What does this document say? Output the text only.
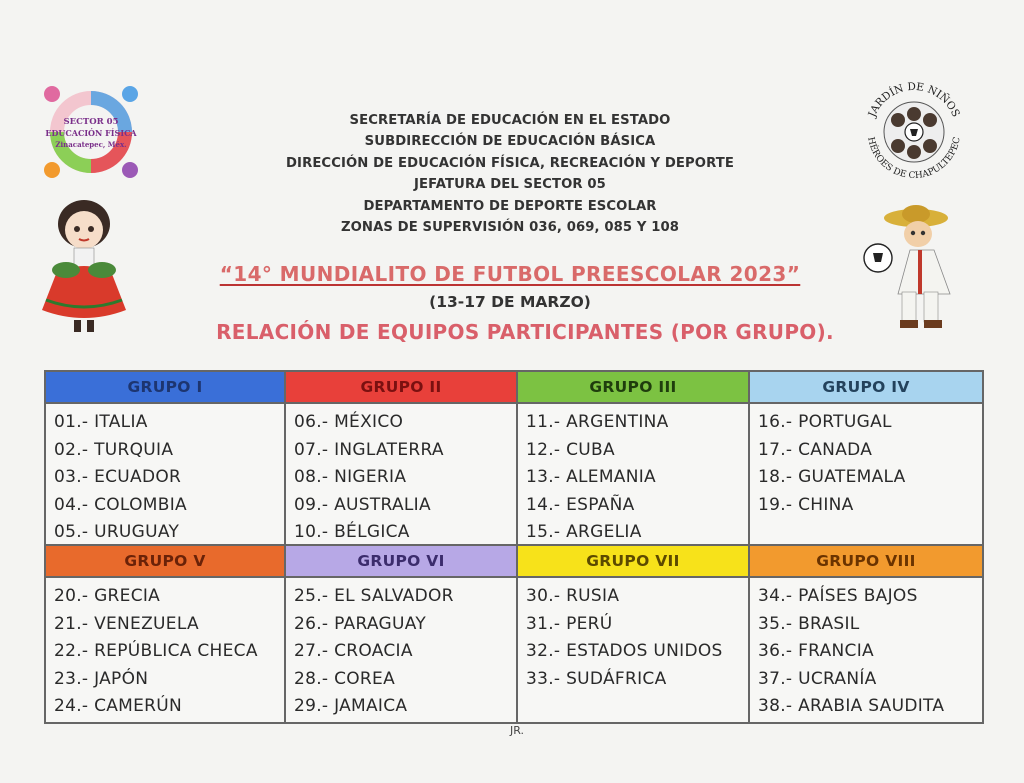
SECTOR 05
EDUCACIÓN FÍSICA
Zinacatepec, Méx.
JARDÍN DE NIÑOS
HÉROES DE CHAPULTEPEC
SECRETARÍA DE EDUCACIÓN EN EL ESTADO
SUBDIRECCIÓN DE EDUCACIÓN BÁSICA
DIRECCIÓN DE EDUCACIÓN FÍSICA, RECREACIÓN Y DEPORTE
JEFATURA DEL SECTOR 05
DEPARTAMENTO DE DEPORTE ESCOLAR
ZONAS DE SUPERVISIÓN 036, 069, 085 Y 108
“14° MUNDIALITO DE FUTBOL PREESCOLAR 2023”
(13-17 DE MARZO)
RELACIÓN DE EQUIPOS PARTICIPANTES (POR GRUPO).
GRUPO I
01.- ITALIA
02.- TURQUIA
03.- ECUADOR
04.- COLOMBIA
05.- URUGUAY
GRUPO II
06.- MÉXICO
07.- INGLATERRA
08.- NIGERIA
09.- AUSTRALIA
10.- BÉLGICA
GRUPO III
11.- ARGENTINA
12.- CUBA
13.- ALEMANIA
14.- ESPAÑA
15.- ARGELIA
GRUPO IV
16.- PORTUGAL
17.- CANADA
18.- GUATEMALA
19.- CHINA
GRUPO V
20.- GRECIA
21.- VENEZUELA
22.- REPÚBLICA CHECA
23.- JAPÓN
24.- CAMERÚN
GRUPO VI
25.- EL SALVADOR
26.- PARAGUAY
27.- CROACIA
28.- COREA
29.- JAMAICA
GRUPO VII
30.- RUSIA
31.- PERÚ
32.- ESTADOS UNIDOS
33.- SUDÁFRICA
GRUPO VIII
34.- PAÍSES BAJOS
35.- BRASIL
36.- FRANCIA
37.- UCRANÍA
38.- ARABIA SAUDITA
JR.
